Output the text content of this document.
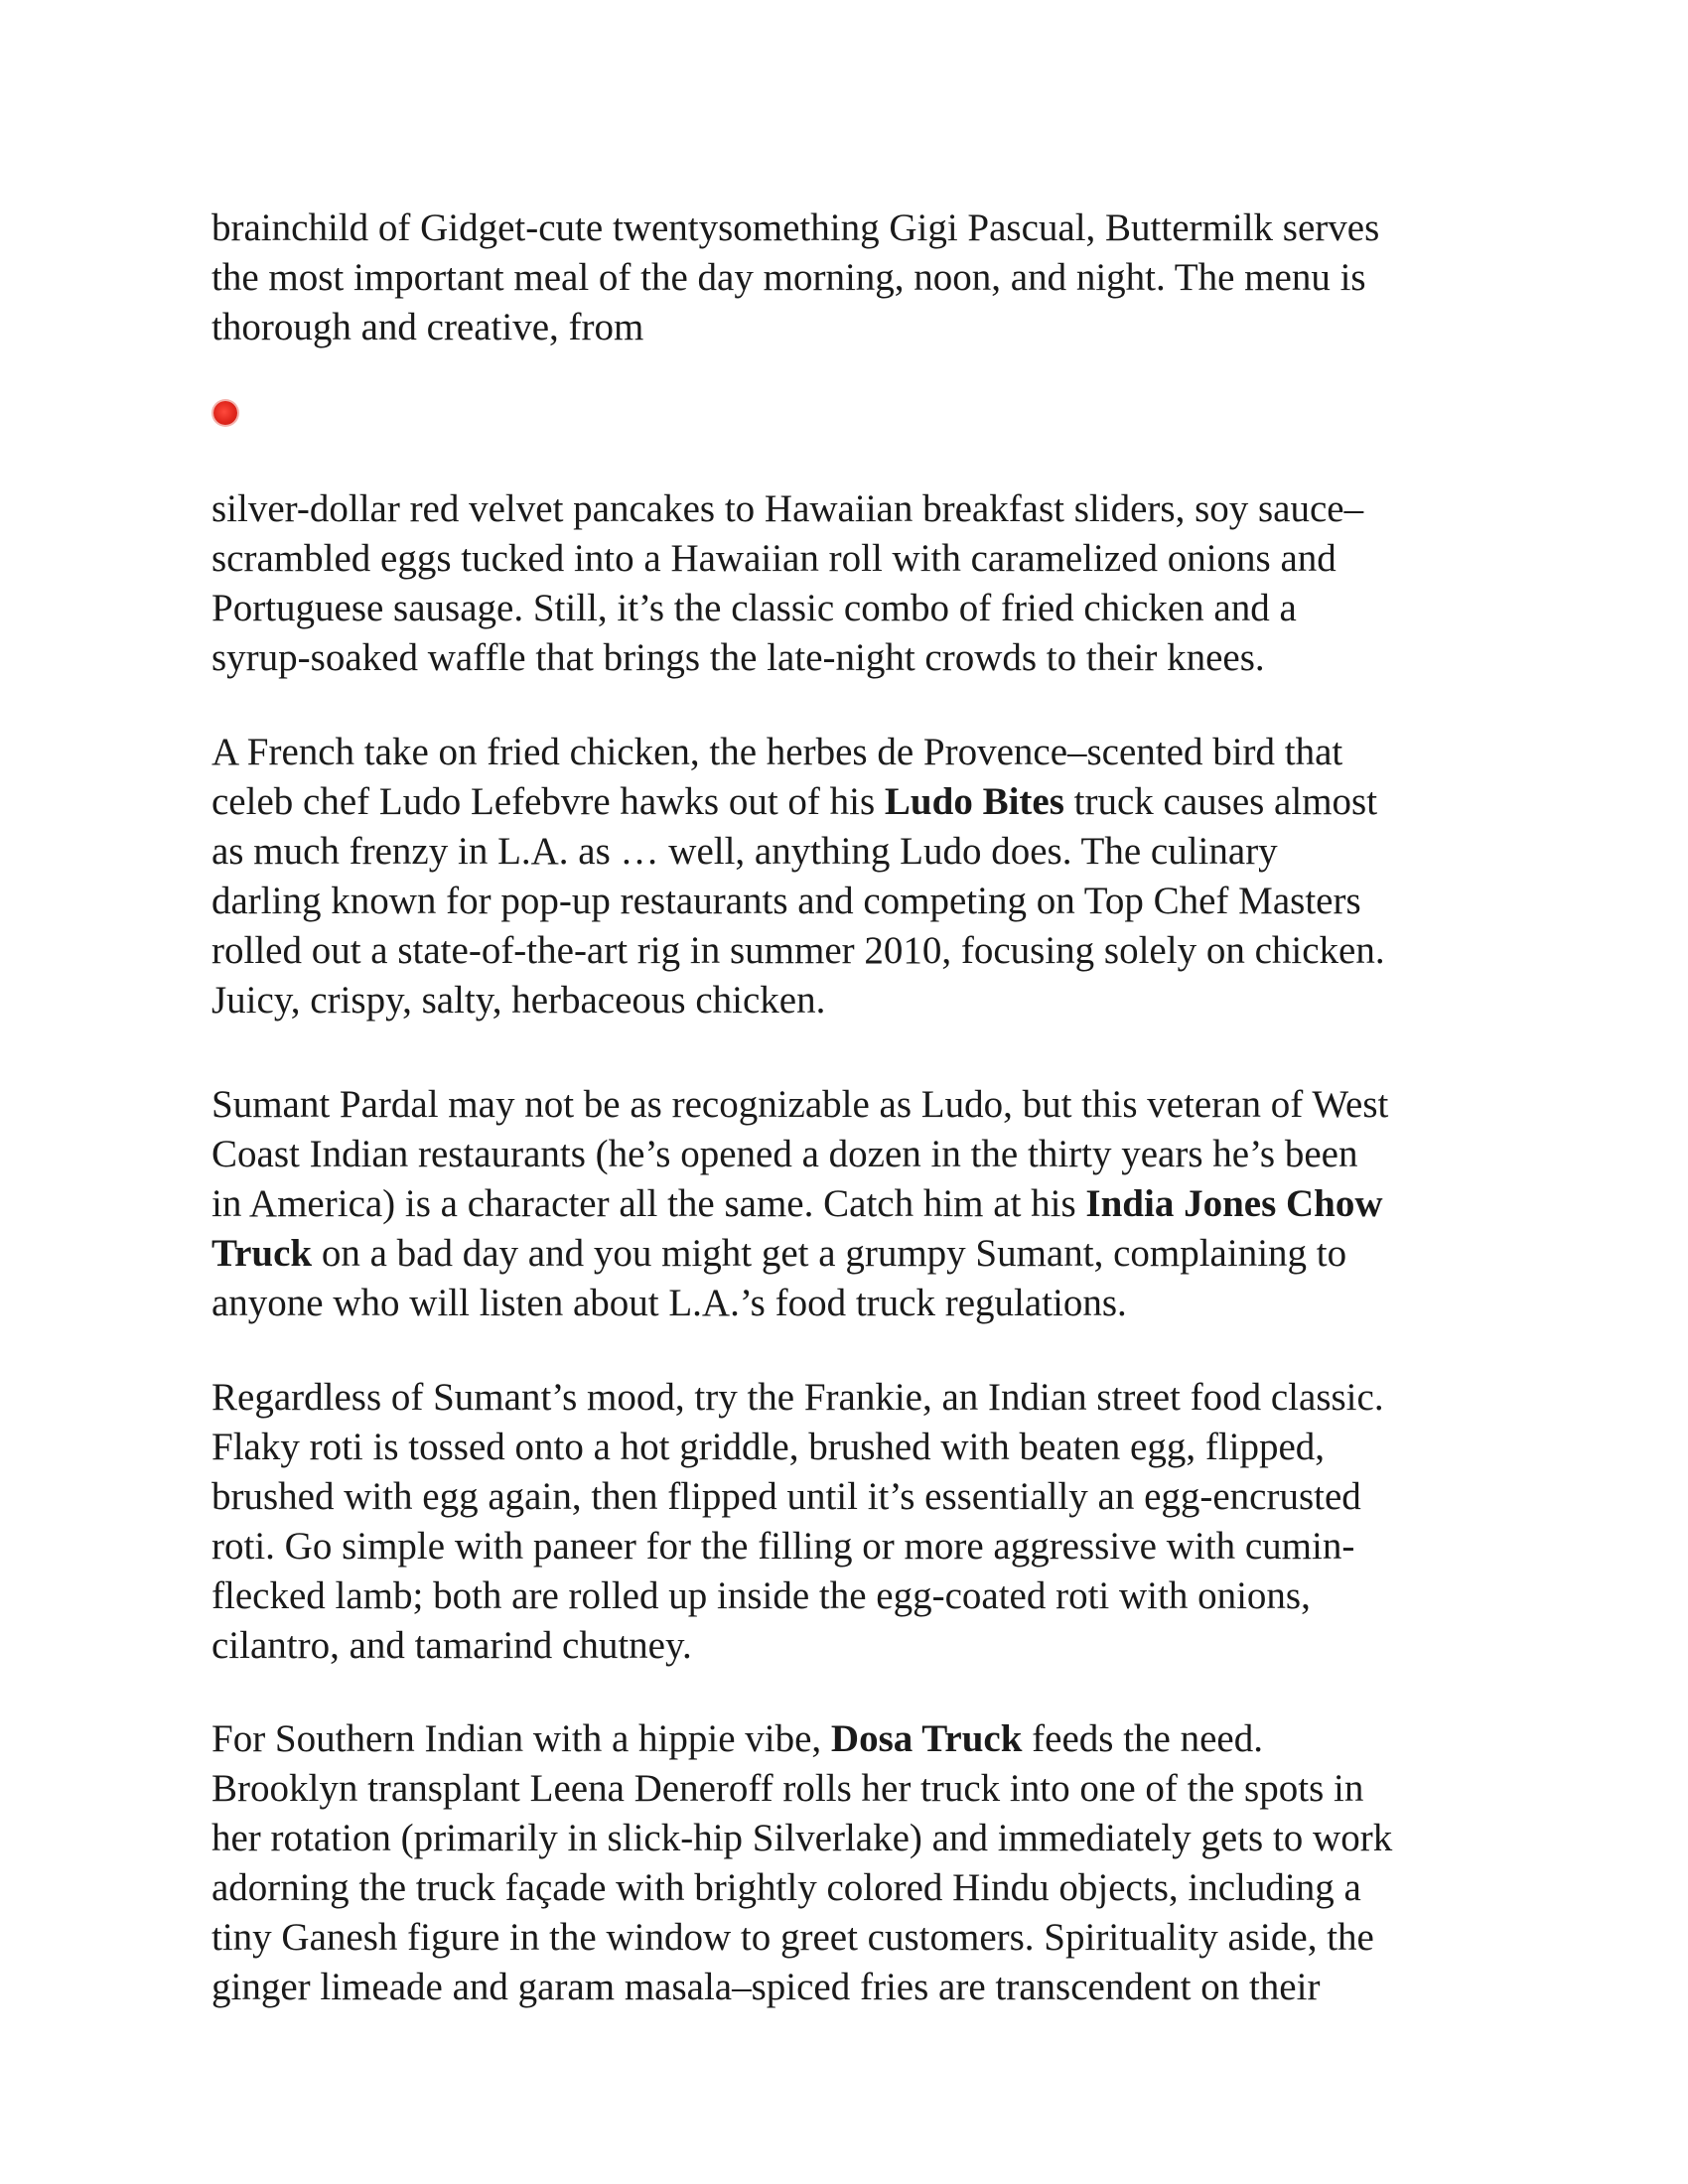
brainchild of Gidget-cute twentysomething Gigi Pascual, Buttermilk serves
the most important meal of the day morning, noon, and night. The menu is
thorough and creative, from
silver-dollar red velvet pancakes to Hawaiian breakfast sliders, soy sauce–
scrambled eggs tucked into a Hawaiian roll with caramelized onions and
Portuguese sausage. Still, it’s the classic combo of fried chicken and a
syrup-soaked waffle that brings the late-night crowds to their knees.
A French take on fried chicken, the herbes de Provence–scented bird that
celeb chef Ludo Lefebvre hawks out of his Ludo Bites truck causes almost
as much frenzy in L.A. as … well, anything Ludo does. The culinary
darling known for pop-up restaurants and competing on Top Chef Masters
rolled out a state-of-the-art rig in summer 2010, focusing solely on chicken.
Juicy, crispy, salty, herbaceous chicken.
Sumant Pardal may not be as recognizable as Ludo, but this veteran of West
Coast Indian restaurants (he’s opened a dozen in the thirty years he’s been
in America) is a character all the same. Catch him at his India Jones Chow
Truck on a bad day and you might get a grumpy Sumant, complaining to
anyone who will listen about L.A.’s food truck regulations.
Regardless of Sumant’s mood, try the Frankie, an Indian street food classic.
Flaky roti is tossed onto a hot griddle, brushed with beaten egg, flipped,
brushed with egg again, then flipped until it’s essentially an egg-encrusted
roti. Go simple with paneer for the filling or more aggressive with cumin-
flecked lamb; both are rolled up inside the egg-coated roti with onions,
cilantro, and tamarind chutney.
For Southern Indian with a hippie vibe, Dosa Truck feeds the need.
Brooklyn transplant Leena Deneroff rolls her truck into one of the spots in
her rotation (primarily in slick-hip Silverlake) and immediately gets to work
adorning the truck façade with brightly colored Hindu objects, including a
tiny Ganesh figure in the window to greet customers. Spirituality aside, the
ginger limeade and garam masala–spiced fries are transcendent on their
